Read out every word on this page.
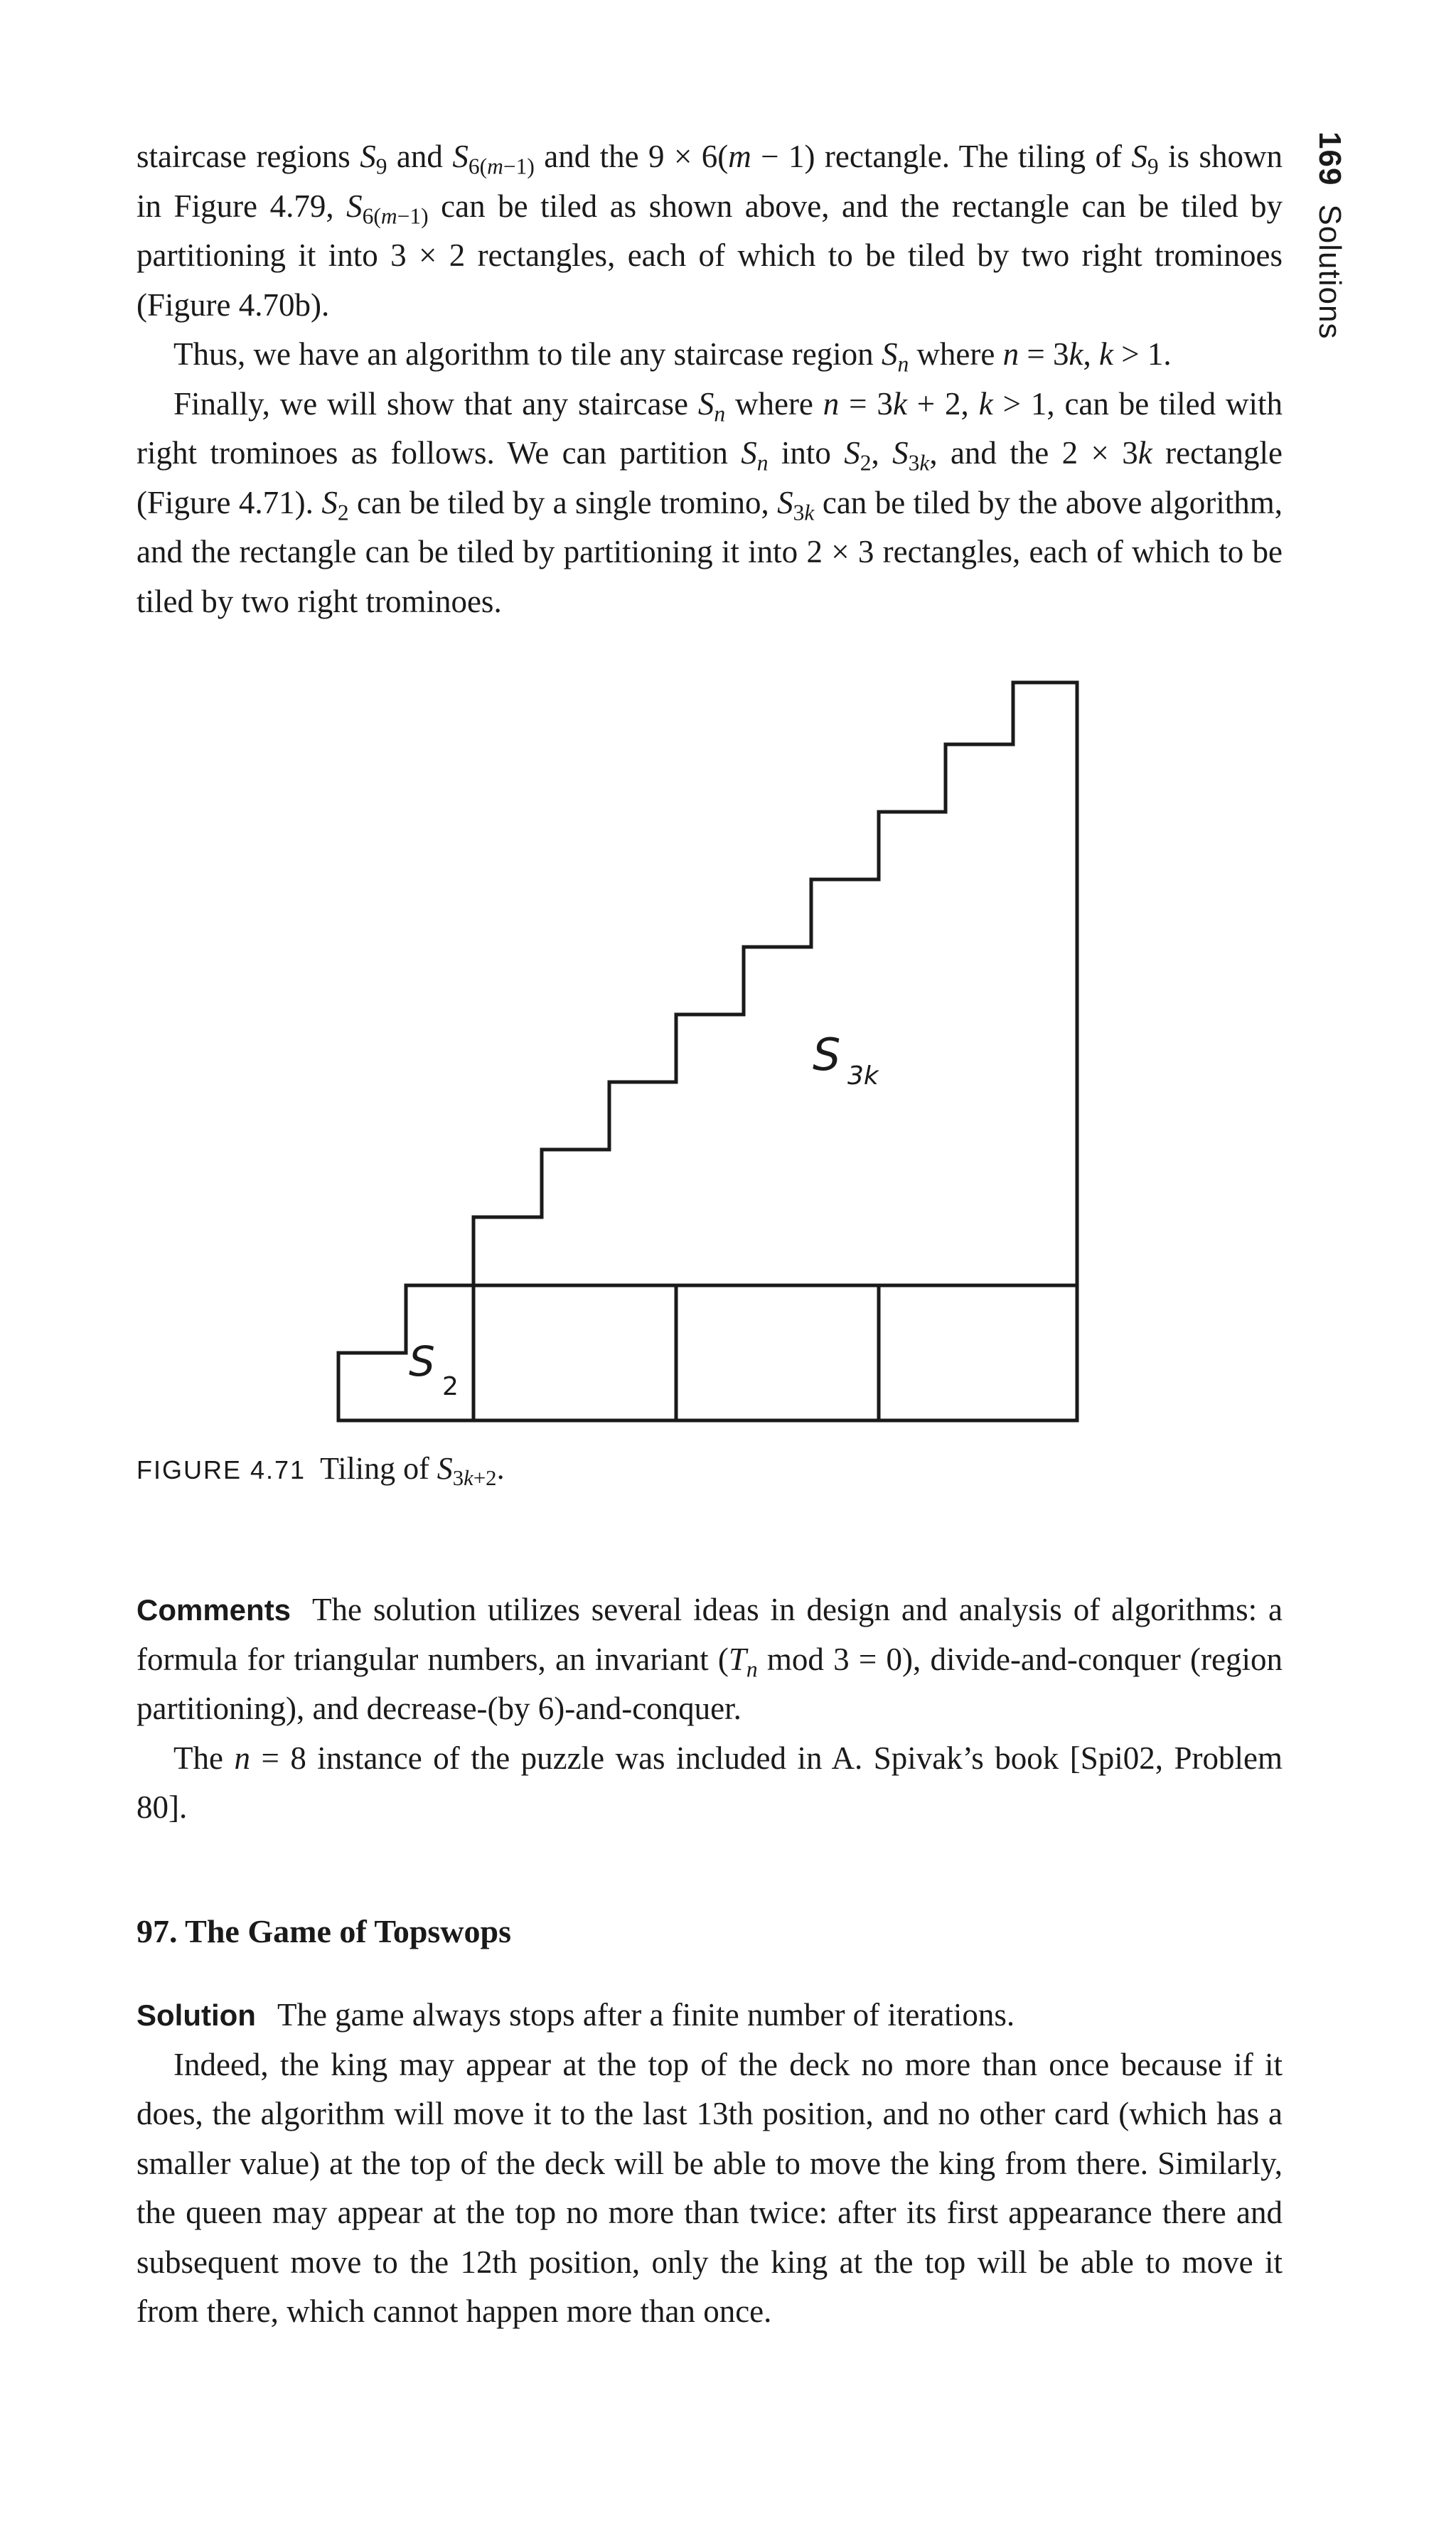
169Solutions

staircase regions $S_9$ and $S_{6(m-1)}$ and the 9 × 6(m − 1) rectangle. The tiling of $S_9$ is shown in Figure 4.79, $S_{6(m-1)}$ can be tiled as shown above, and the rectangle can be tiled by partitioning it into 3 × 2 rectangles, each of which to be tiled by two right trominoes (Figure 4.70b).

Thus, we have an algorithm to tile any staircase region $S_n$ where n = 3k, k > 1.

Finally, we will show that any staircase $S_n$ where n = 3k + 2, k > 1, can be tiled with right trominoes as follows. We can partition $S_n$ into $S_2$, $S_{3k}$, and the 2 × 3k rectangle (Figure 4.71). $S_2$ can be tiled by a single tromino, $S_{3k}$ can be tiled by the above algorithm, and the rectangle can be tiled by partitioning it into 2 × 3 rectangles, each of which to be tiled by two right trominoes.

S 3k
S
2
FIGURE 4.71 Tiling of $S_{3k+2}$.

Comments The solution utilizes several ideas in design and analysis of algorithms: a formula for triangular numbers, an invariant ($T_n$ mod 3 = 0), divide-and-conquer (region partitioning), and decrease-(by 6)-and-conquer.

The n = 8 instance of the puzzle was included in A. Spivak’s book [Spi02, Problem 80].

97. The Game of Topswops

Solution The game always stops after a finite number of iterations.

Indeed, the king may appear at the top of the deck no more than once because if it does, the algorithm will move it to the last 13th position, and no other card (which has a smaller value) at the top of the deck will be able to move the king from there. Similarly, the queen may appear at the top no more than twice: after its first appearance there and subsequent move to the 12th position, only the king at the top will be able to move it from there, which cannot happen more than once.
